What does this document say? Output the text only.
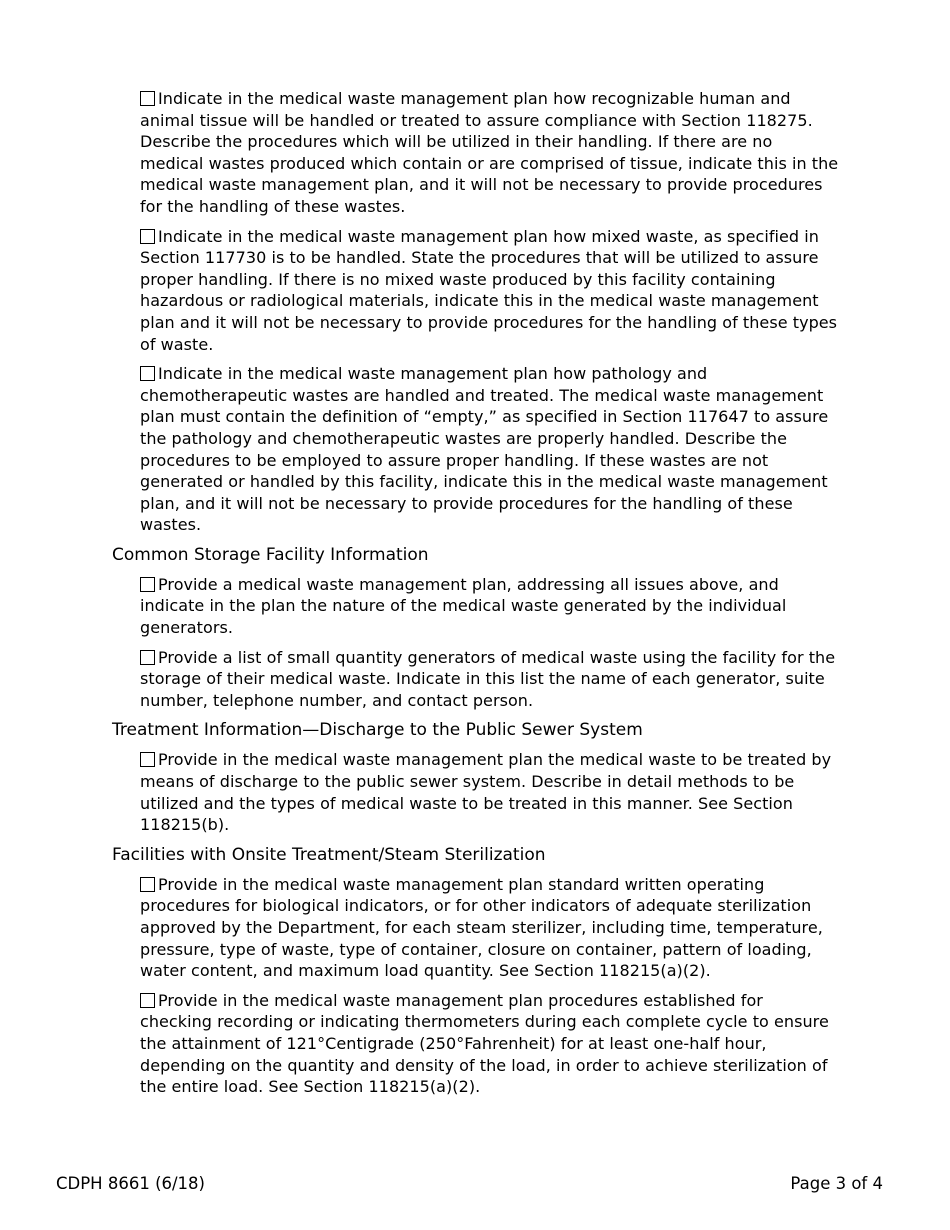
Indicate in the medical waste management plan how recognizable human and animal tissue will be handled or treated to assure compliance with Section 118275. Describe the procedures which will be utilized in their handling. If there are no medical wastes produced which contain or are comprised of tissue, indicate this in the medical waste management plan, and it will not be necessary to provide procedures for the handling of these wastes.
Indicate in the medical waste management plan how mixed waste, as specified in Section 117730 is to be handled. State the procedures that will be utilized to assure proper handling. If there is no mixed waste produced by this facility containing hazardous or radiological materials, indicate this in the medical waste management plan and it will not be necessary to provide procedures for the handling of these types of waste.
Indicate in the medical waste management plan how pathology and chemotherapeutic wastes are handled and treated. The medical waste management plan must contain the definition of “empty,” as specified in Section 117647 to assure the pathology and chemotherapeutic wastes are properly handled. Describe the procedures to be employed to assure proper handling. If these wastes are not generated or handled by this facility, indicate this in the medical waste management plan, and it will not be necessary to provide procedures for the handling of these wastes.
Common Storage Facility Information
Provide a medical waste management plan, addressing all issues above, and indicate in the plan the nature of the medical waste generated by the individual generators.
Provide a list of small quantity generators of medical waste using the facility for the storage of their medical waste. Indicate in this list the name of each generator, suite number, telephone number, and contact person.
Treatment Information—Discharge to the Public Sewer System
Provide in the medical waste management plan the medical waste to be treated by means of discharge to the public sewer system. Describe in detail methods to be utilized and the types of medical waste to be treated in this manner. See Section 118215(b).
Facilities with Onsite Treatment/Steam Sterilization
Provide in the medical waste management plan standard written operating procedures for biological indicators, or for other indicators of adequate sterilization approved by the Department, for each steam sterilizer, including time, temperature, pressure, type of waste, type of container, closure on container, pattern of loading, water content, and maximum load quantity. See Section 118215(a)(2).
Provide in the medical waste management plan procedures established for checking recording or indicating thermometers during each complete cycle to ensure the attainment of 121°Centigrade (250°Fahrenheit) for at least one-half hour, depending on the quantity and density of the load, in order to achieve sterilization of the entire load. See Section 118215(a)(2).
CDPH 8661 (6/18)	Page 3 of 4
